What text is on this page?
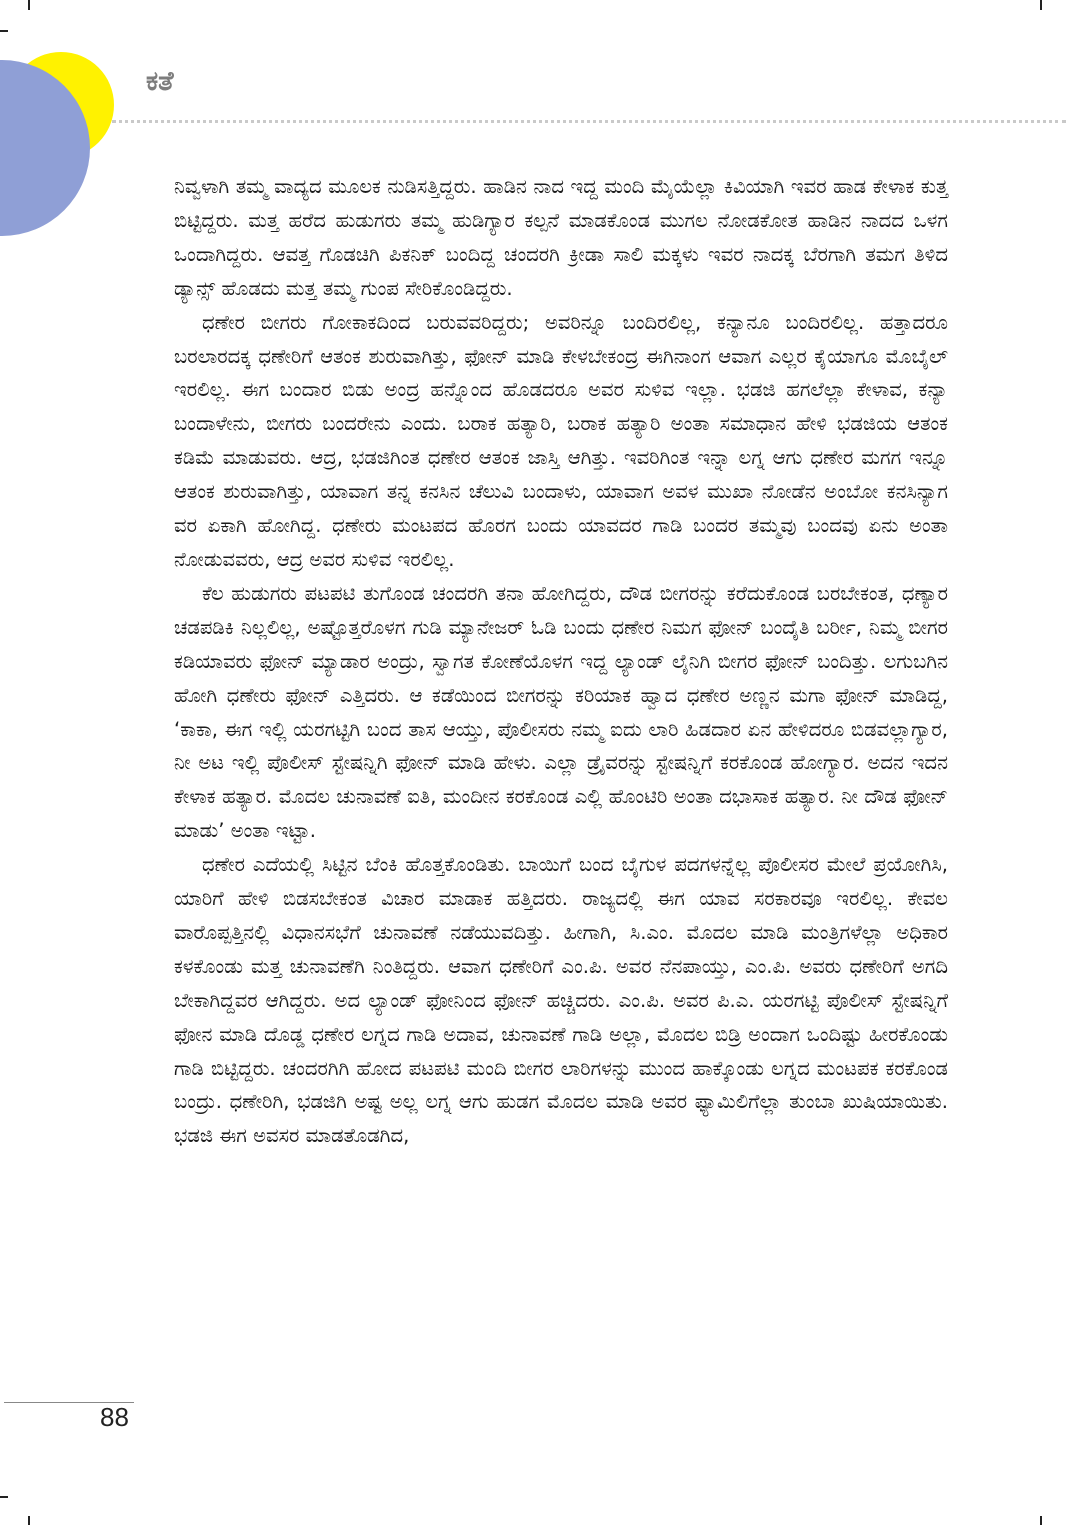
ಕತೆ

ನಿವ್ವಳಾಗಿ ತಮ್ಮ ವಾದ್ಯದ ಮೂಲಕ ನುಡಿಸತ್ತಿದ್ದರು. ಹಾಡಿನ ನಾದ ಇದ್ದ ಮಂದಿ ಮೈಯೆಲ್ಲಾ ಕಿವಿಯಾಗಿ ಇವರ ಹಾಡ ಕೇಳಾಕ ಕುತ್ತ ಬಿಟ್ಟಿದ್ದರು. ಮತ್ತ ಹರೆದ ಹುಡುಗರು ತಮ್ಮ ಹುಡಿಗ್ಯಾರ ಕಲ್ಪನೆ ಮಾಡಕೊಂಡ ಮುಗಲ ನೋಡಕೋತ ಹಾಡಿನ ನಾದದ ಒಳಗ ಒಂದಾಗಿದ್ದರು. ಆವತ್ತ ಗೊಡಚಿಗಿ ಪಿಕನಿಕ್ ಬಂದಿದ್ದ ಚಂದರಗಿ ಕ್ರೀಡಾ ಸಾಲಿ ಮಕ್ಕಳು ಇವರ ನಾದಕ್ಕ ಬೆರಗಾಗಿ ತಮಗ ತಿಳಿದ ಡ್ಯಾನ್ಸ್ ಹೊಡದು ಮತ್ತ ತಮ್ಮ ಗುಂಪ ಸೇರಿಕೊಂಡಿದ್ದರು.

ಧಣೇರ ಬೀಗರು ಗೋಕಾಕದಿಂದ ಬರುವವರಿದ್ದರು; ಅವರಿನ್ನೂ ಬಂದಿರಲಿಲ್ಲ, ಕನ್ಯಾನೂ ಬಂದಿರಲಿಲ್ಲ. ಹತ್ತಾದರೂ ಬರಲಾರದಕ್ಕ ಧಣೇರಿಗೆ ಆತಂಕ ಶುರುವಾಗಿತ್ತು, ಫೋನ್ ಮಾಡಿ ಕೇಳಬೇಕಂದ್ರ ಈಗಿನಾಂಗ ಆವಾಗ ಎಲ್ಲರ ಕೈಯಾಗೂ ಮೊಬೈಲ್ ಇರಲಿಲ್ಲ. ಈಗ ಬಂದಾರ ಬಿಡು ಅಂದ್ರ ಹನ್ನೊಂದ ಹೊಡದರೂ ಅವರ ಸುಳಿವ ಇಲ್ಲಾ. ಭಡಜಿ ಹಗಲೆಲ್ಲಾ ಕೇಳಾವ, ಕನ್ಯಾ ಬಂದಾಳೇನು, ಬೀಗರು ಬಂದರೇನು ಎಂದು. ಬರಾಕ ಹತ್ಯಾರಿ, ಬರಾಕ ಹತ್ಯಾರಿ ಅಂತಾ ಸಮಾಧಾನ ಹೇಳಿ ಭಡಜಿಯ ಆತಂಕ ಕಡಿಮೆ ಮಾಡುವರು. ಆದ್ರ, ಭಡಜಿಗಿಂತ ಧಣೇರ ಆತಂಕ ಜಾಸ್ತಿ ಆಗಿತ್ತು. ಇವರಿಗಿಂತ ಇನ್ನಾ ಲಗ್ನ ಆಗು ಧಣೇರ ಮಗಗ ಇನ್ನೂ ಆತಂಕ ಶುರುವಾಗಿತ್ತು, ಯಾವಾಗ ತನ್ನ ಕನಸಿನ ಚೆಲುವಿ ಬಂದಾಳು, ಯಾವಾಗ ಅವಳ ಮುಖಾ ನೋಡೆನ ಅಂಬೋ ಕನಸಿನ್ಯಾಗ ವರ ಏಕಾಗಿ ಹೋಗಿದ್ದ. ಧಣೇರು ಮಂಟಪದ ಹೊರಗ ಬಂದು ಯಾವದರ ಗಾಡಿ ಬಂದರ ತಮ್ಮವು ಬಂದವು ಏನು ಅಂತಾ ನೋಡುವವರು, ಆದ್ರ ಅವರ ಸುಳಿವ ಇರಲಿಲ್ಲ.

ಕೆಲ ಹುಡುಗರು ಪಟಪಟಿ ತುಗೊಂಡ ಚಂದರಗಿ ತನಾ ಹೋಗಿದ್ದರು, ದೌಡ ಬೀಗರನ್ನು ಕರೆದುಕೊಂಡ ಬರಬೇಕಂತ, ಧಣ್ಯಾರ ಚಡಪಡಿಕಿ ನಿಲ್ಲಲಿಲ್ಲ, ಅಷ್ಟೊತ್ತರೊಳಗ ಗುಡಿ ಮ್ಯಾನೇಜರ್ ಓಡಿ ಬಂದು ಧಣೇರ ನಿಮಗ ಫೋನ್ ಬಂದೈತಿ ಬರ್ರೀ, ನಿಮ್ಮ ಬೀಗರ ಕಡಿಯಾವರು ಫೋನ್ ಮ್ಯಾಡಾರ ಅಂದ್ರು, ಸ್ವಾಗತ ಕೋಣೆಯೊಳಗ ಇದ್ದ ಲ್ಯಾಂಡ್ ಲೈನಿಗಿ ಬೀಗರ ಫೋನ್ ಬಂದಿತ್ತು. ಲಗುಬಗಿನ ಹೋಗಿ ಧಣೇರು ಫೋನ್ ಎತ್ತಿದರು. ಆ ಕಡೆಯಿಂದ ಬೀಗರನ್ನು ಕರಿಯಾಕ ಹ್ವಾದ ಧಣೇರ ಅಣ್ಣನ ಮಗಾ ಫೋನ್ ಮಾಡಿದ್ದ, ‘ಕಾಕಾ, ಈಗ ಇಲ್ಲಿ ಯರಗಟ್ಟಿಗಿ ಬಂದ ತಾಸ ಆಯ್ತು, ಪೊಲೀಸರು ನಮ್ಮ ಐದು ಲಾರಿ ಹಿಡದಾರ ಏನ ಹೇಳಿದರೂ ಬಿಡವಲ್ಲಾಗ್ಯಾರ, ನೀ ಅಟ ಇಲ್ಲಿ ಪೊಲೀಸ್ ಸ್ಟೇಷನ್ನಿಗಿ ಫೋನ್ ಮಾಡಿ ಹೇಳು. ಎಲ್ಲಾ ಡ್ರೈವರನ್ನು ಸ್ಟೇಷನ್ನಿಗೆ ಕರಕೊಂಡ ಹೋಗ್ಯಾರ. ಅದನ ಇದನ ಕೇಳಾಕ ಹತ್ಯಾರ. ಮೊದಲ ಚುನಾವಣೆ ಐತಿ, ಮಂದೀನ ಕರಕೊಂಡ ಎಲ್ಲಿ ಹೊಂಟಿರಿ ಅಂತಾ ದಭಾಸಾಕ ಹತ್ಯಾರ. ನೀ ದೌಡ ಫೋನ್ ಮಾಡು’ ಅಂತಾ ಇಟ್ಟಾ.

ಧಣೇರ ಎದೆಯಲ್ಲಿ ಸಿಟ್ಟಿನ ಬೆಂಕಿ ಹೊತ್ತಕೊಂಡಿತು. ಬಾಯಿಗೆ ಬಂದ ಬೈಗುಳ ಪದಗಳನ್ನೆಲ್ಲ ಪೊಲೀಸರ ಮೇಲೆ ಪ್ರಯೋಗಿಸಿ, ಯಾರಿಗೆ ಹೇಳಿ ಬಿಡಸಬೇಕಂತ ವಿಚಾರ ಮಾಡಾಕ ಹತ್ತಿದರು. ರಾಜ್ಯದಲ್ಲಿ ಈಗ ಯಾವ ಸರಕಾರವೂ ಇರಲಿಲ್ಲ. ಕೇವಲ ವಾರೊಪ್ಪತ್ತಿನಲ್ಲಿ ವಿಧಾನಸಭೆಗೆ ಚುನಾವಣೆ ನಡೆಯುವದಿತ್ತು. ಹೀಗಾಗಿ, ಸಿ.ಎಂ. ಮೊದಲ ಮಾಡಿ ಮಂತ್ರಿಗಳೆಲ್ಲಾ ಅಧಿಕಾರ ಕಳಕೊಂಡು ಮತ್ತ ಚುನಾವಣೆಗಿ ನಿಂತಿದ್ದರು. ಆವಾಗ ಧಣೇರಿಗೆ ಎಂ.ಪಿ. ಅವರ ನೆನಪಾಯ್ತು, ಎಂ.ಪಿ. ಅವರು ಧಣೇರಿಗೆ ಅಗದಿ ಬೇಕಾಗಿದ್ದವರ ಆಗಿದ್ದರು. ಅದ ಲ್ಯಾಂಡ್ ಫೋನಿಂದ ಫೋನ್ ಹಚ್ಚಿದರು. ಎಂ.ಪಿ. ಅವರ ಪಿ.ಎ. ಯರಗಟ್ಟಿ ಪೊಲೀಸ್ ಸ್ಟೇಷನ್ನಿಗೆ ಫೋನ ಮಾಡಿ ದೊಡ್ಡ ಧಣೇರ ಲಗ್ನದ ಗಾಡಿ ಅದಾವ, ಚುನಾವಣೆ ಗಾಡಿ ಅಲ್ಲಾ, ಮೊದಲ ಬಿಡ್ರಿ ಅಂದಾಗ ಒಂದಿಷ್ಟು ಹೀರಕೊಂಡು ಗಾಡಿ ಬಿಟ್ಟಿದ್ದರು. ಚಂದರಗಿಗಿ ಹೋದ ಪಟಪಟಿ ಮಂದಿ ಬೀಗರ ಲಾರಿಗಳನ್ನು ಮುಂದ ಹಾಕ್ಕೊಂಡು ಲಗ್ನದ ಮಂಟಪಕ ಕರಕೊಂಡ ಬಂದ್ರು. ಧಣೇರಿಗಿ, ಭಡಜಿಗಿ ಅಷ್ಟ ಅಲ್ಲ ಲಗ್ನ ಆಗು ಹುಡಗ ಮೊದಲ ಮಾಡಿ ಅವರ ಫ್ಯಾಮಿಲಿಗೆಲ್ಲಾ ತುಂಬಾ ಖುಷಿಯಾಯಿತು. ಭಡಜಿ ಈಗ ಅವಸರ ಮಾಡತೊಡಗಿದ,

88
